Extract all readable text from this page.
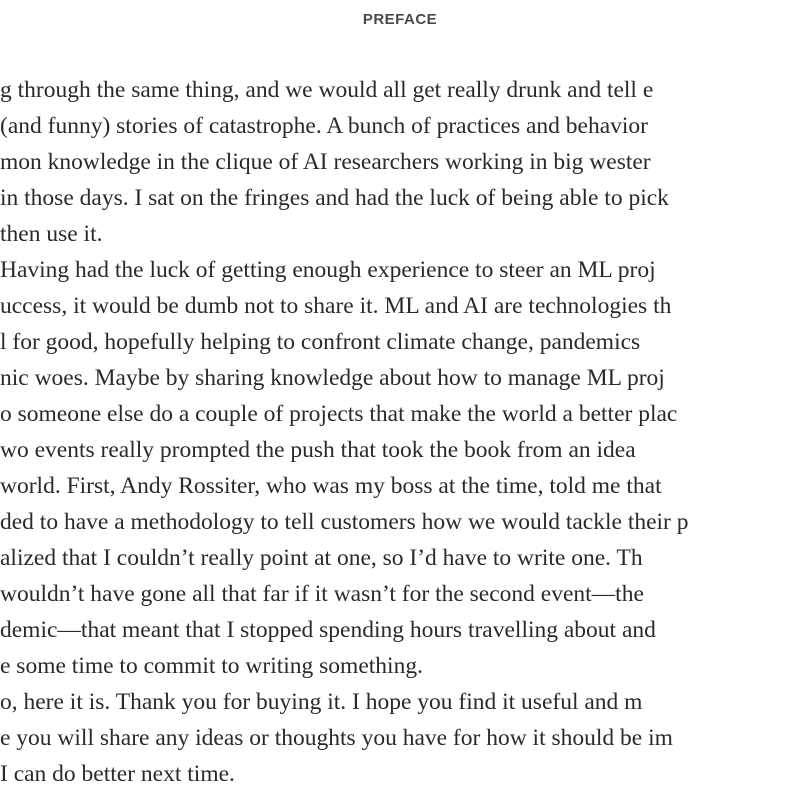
PREFACE
g through the same thing, and we would all get really drunk and tell e
(and funny) stories of catastrophe. A bunch of practices and behavior
mon knowledge in the clique of AI researchers working in big wester
in those days. I sat on the fringes and had the luck of being able to pick
then use it.
Having had the luck of getting enough experience to steer an ML proj
uccess, it would be dumb not to share it. ML and AI are technologies th
l for good, hopefully helping to confront climate change, pandemics
nic woes. Maybe by sharing knowledge about how to manage ML proj
o someone else do a couple of projects that make the world a better plac
wo events really prompted the push that took the book from an idea
world. First, Andy Rossiter, who was my boss at the time, told me that
ded to have a methodology to tell customers how we would tackle their p
alized that I couldn’t really point at one, so I’d have to write one. Th
wouldn’t have gone all that far if it wasn’t for the second event—the
demic—that meant that I stopped spending hours travelling about and
e some time to commit to writing something.
o, here it is. Thank you for buying it. I hope you find it useful and m
e you will share any ideas or thoughts you have for how it should be im
I can do better next time.
